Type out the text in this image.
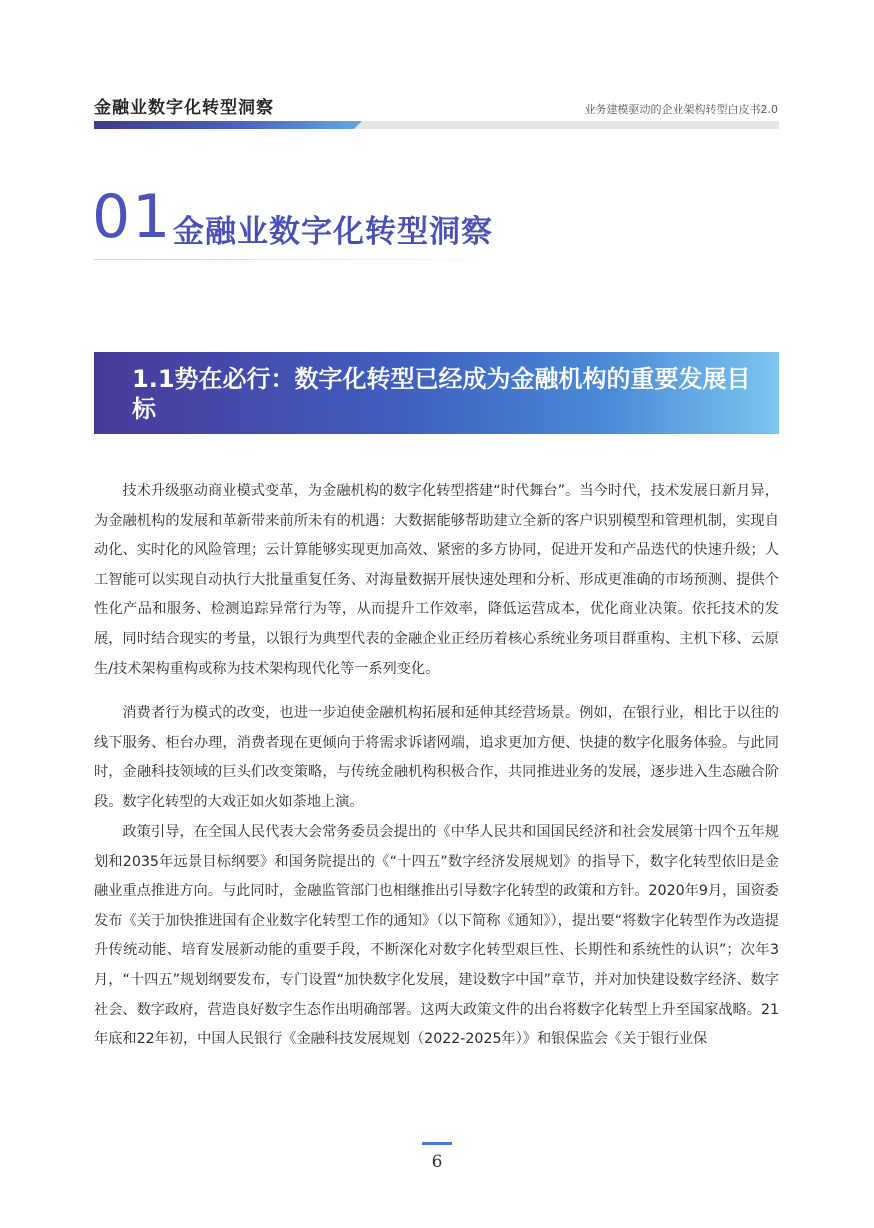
金融业数字化转型洞察	业务建模驱动的企业架构转型白皮书2.0
01 金融业数字化转型洞察
1.1势在必行：数字化转型已经成为金融机构的重要发展目标
技术升级驱动商业模式变革，为金融机构的数字化转型搭建“时代舞台”。当今时代，技术发展日新月异，为金融机构的发展和革新带来前所未有的机遇：大数据能够帮助建立全新的客户识别模型和管理机制，实现自动化、实时化的风险管理；云计算能够实现更加高效、紧密的多方协同，促进开发和产品迭代的快速升级；人工智能可以实现自动执行大批量重复任务、对海量数据开展快速处理和分析、形成更准确的市场预测、提供个性化产品和服务、检测追踪异常行为等，从而提升工作效率，降低运营成本，优化商业决策。依托技术的发展，同时结合现实的考量，以银行为典型代表的金融企业正经历着核心系统业务项目群重构、主机下移、云原生/技术架构重构或称为技术架构现代化等一系列变化。
消费者行为模式的改变，也进一步迫使金融机构拓展和延伸其经营场景。例如，在银行业，相比于以往的线下服务、柜台办理，消费者现在更倾向于将需求诉诸网端，追求更加方便、快捷的数字化服务体验。与此同时，金融科技领域的巨头们改变策略，与传统金融机构积极合作，共同推进业务的发展，逐步进入生态融合阶段。数字化转型的大戏正如火如荼地上演。
政策引导，在全国人民代表大会常务委员会提出的《中华人民共和国国民经济和社会发展第十四个五年规划和2035年远景目标纲要》和国务院提出的《“十四五”数字经济发展规划》的指导下，数字化转型依旧是金融业重点推进方向。与此同时，金融监管部门也相继推出引导数字化转型的政策和方针。2020年9月，国资委发布《关于加快推进国有企业数字化转型工作的通知》（以下简称《通知》），提出要“将数字化转型作为改造提升传统动能、培育发展新动能的重要手段，不断深化对数字化转型艰巨性、长期性和系统性的认识”；次年3月，“十四五”规划纲要发布，专门设置“加快数字化发展，建设数字中国”章节，并对加快建设数字经济、数字社会、数字政府，营造良好数字生态作出明确部署。这两大政策文件的出台将数字化转型上升至国家战略。21年底和22年初，中国人民银行《金融科技发展规划（2022-2025年）》和银保监会《关于银行业保
6
